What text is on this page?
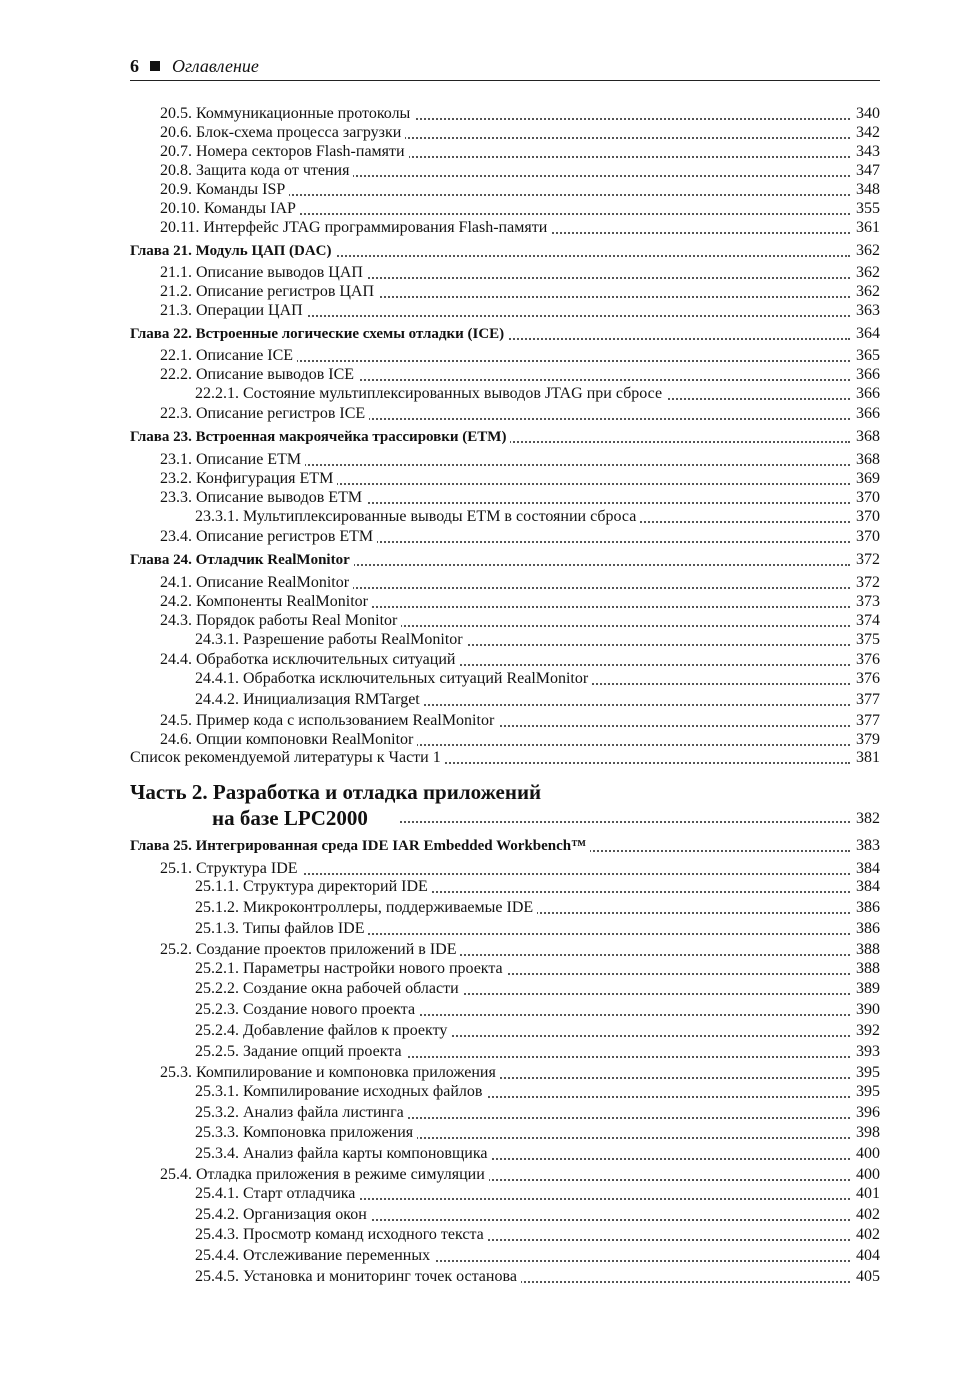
6 Оглавление
20.5. Коммуникационные протоколы	340
20.6. Блок-схема процесса загрузки	342
20.7. Номера секторов Flash-памяти	343
20.8. Защита кода от чтения	347
20.9. Команды ISP	348
20.10. Команды IAP	355
20.11. Интерфейс JTAG программирования Flash-памяти	361
Глава 21. Модуль ЦАП (DAC)	362
21.1. Описание выводов ЦАП	362
21.2. Описание регистров ЦАП	362
21.3. Операции ЦАП	363
Глава 22. Встроенные логические схемы отладки (ICE)	364
22.1. Описание ICE	365
22.2. Описание выводов ICE	366
22.2.1. Состояние мультиплексированных выводов JTAG при сбросе	366
22.3. Описание регистров ICE	366
Глава 23. Встроенная макроячейка трассировки (ETM)	368
23.1. Описание ETM	368
23.2. Конфигурация ETM	369
23.3. Описание выводов ETM	370
23.3.1. Мультиплексированные выводы ETM в состоянии сброса	370
23.4. Описание регистров ETM	370
Глава 24. Отладчик RealMonitor	372
24.1. Описание RealMonitor	372
24.2. Компоненты RealMonitor	373
24.3. Порядок работы Real Monitor	374
24.3.1. Разрешение работы RealMonitor	375
24.4. Обработка исключительных ситуаций	376
24.4.1. Обработка исключительных ситуаций RealMonitor	376
24.4.2. Инициализация RMTarget	377
24.5. Пример кода с использованием RealMonitor	377
24.6. Опции компоновки RealMonitor	379
Список рекомендуемой литературы к Части 1	381
Часть 2. Разработка и отладка приложений
на базе LPC2000	382
Глава 25. Интегрированная среда IDE IAR Embedded Workbench™	383
25.1. Структура IDE	384
25.1.1. Структура директорий IDE	384
25.1.2. Микроконтроллеры, поддерживаемые IDE	386
25.1.3. Типы файлов IDE	386
25.2. Создание проектов приложений в IDE	388
25.2.1. Параметры настройки нового проекта	388
25.2.2. Создание окна рабочей области	389
25.2.3. Создание нового проекта	390
25.2.4. Добавление файлов к проекту	392
25.2.5. Задание опций проекта	393
25.3. Компилирование и компоновка приложения	395
25.3.1. Компилирование исходных файлов	395
25.3.2. Анализ файла листинга	396
25.3.3. Компоновка приложения	398
25.3.4. Анализ файла карты компоновщика	400
25.4. Отладка приложения в режиме симуляции	400
25.4.1. Старт отладчика	401
25.4.2. Организация окон	402
25.4.3. Просмотр команд исходного текста	402
25.4.4. Отслеживание переменных	404
25.4.5. Установка и мониторинг точек останова	405
